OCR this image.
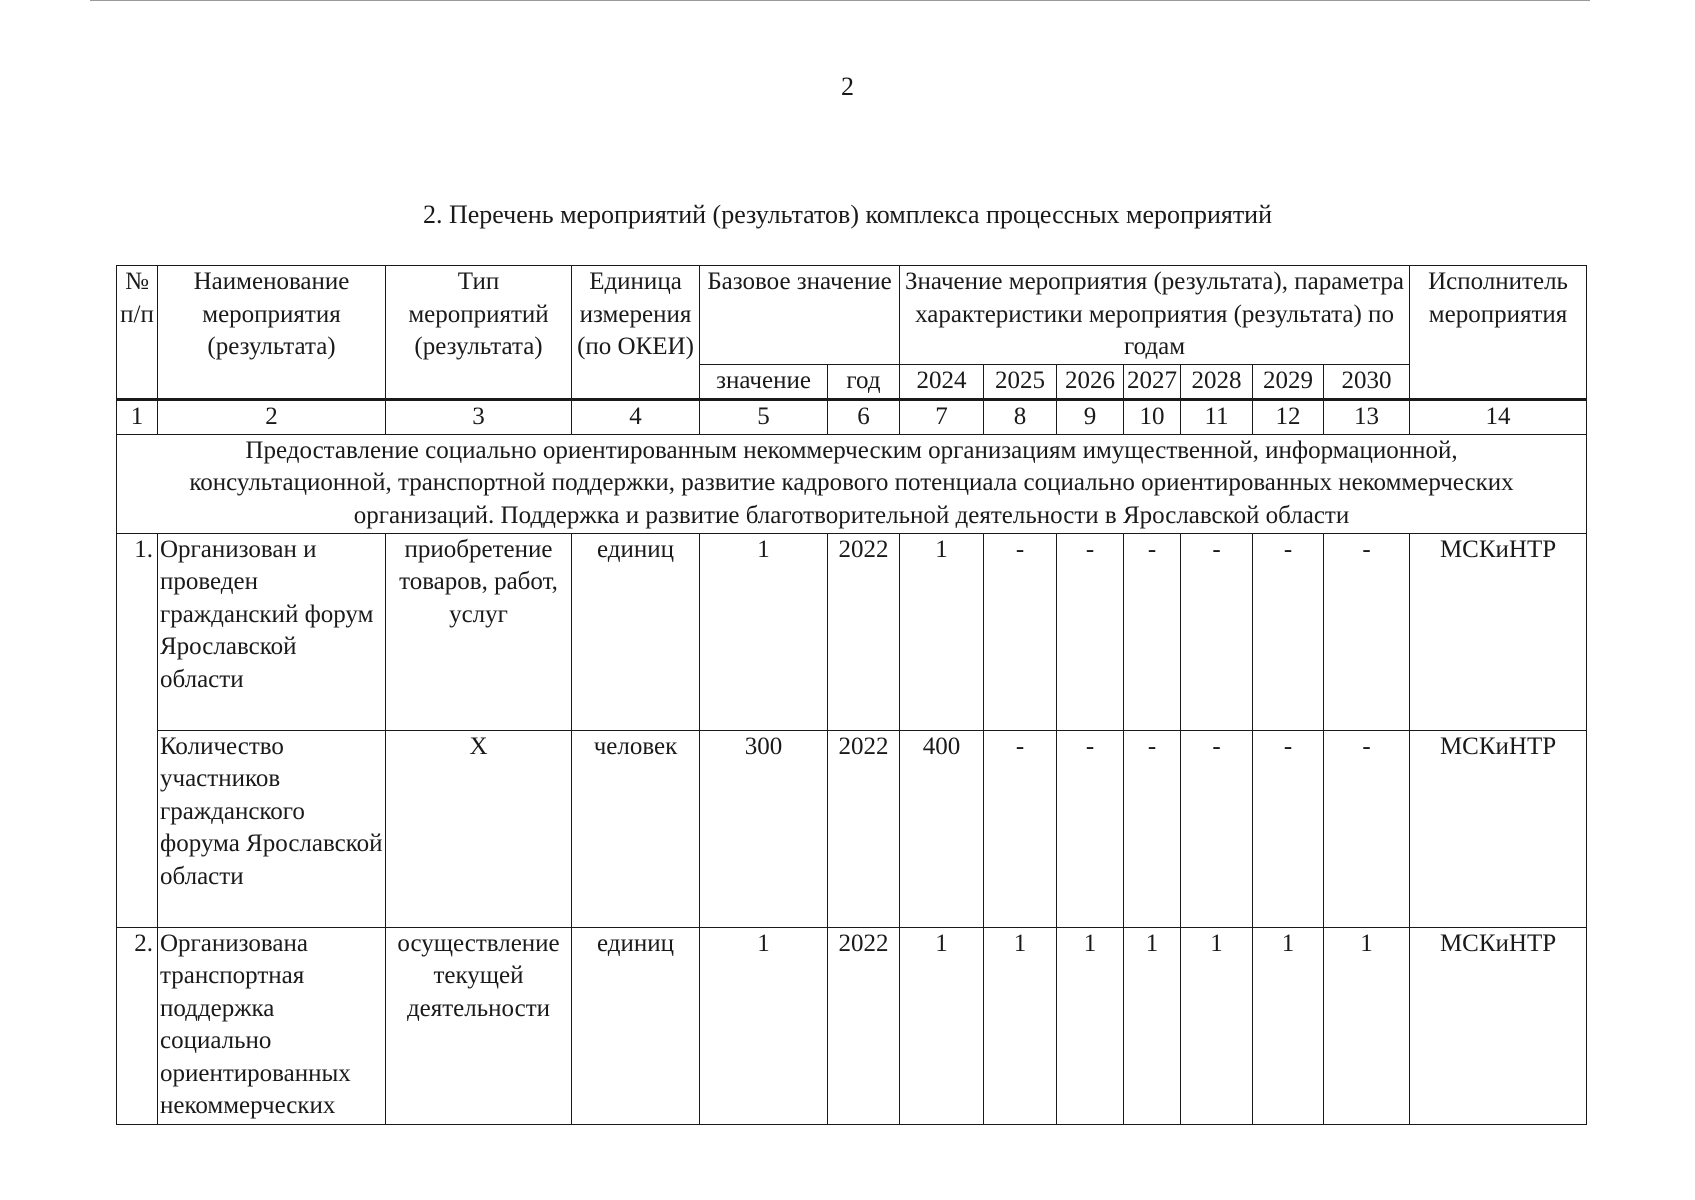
2
2. Перечень мероприятий (результатов) комплекса процессных мероприятий
№ п/п	Наименование мероприятия (результата)	Тип мероприятий (результата)	Единица измерения (по ОКЕИ)	Базовое значение		Значение мероприятия (результата), параметра характеристики мероприятия (результата) по годам							Исполнитель мероприятия
				значение	год	2024	2025	2026	2027	2028	2029	2030	
1	2	3	4	5	6	7	8	9	10	11	12	13	14
Предоставление социально ориентированным некоммерческим организациям имущественной, информационной, консультационной, транспортной поддержки, развитие кадрового потенциала социально ориентированных некоммерческих организаций. Поддержка и развитие благотворительной деятельности в Ярославской области													
1.	Организован и проведен гражданский форум Ярославской области	приобретение товаров, работ, услуг	единиц	1	2022	1	-	-	-	-	-	-	МСКиНТР
	Количество участников гражданского форума Ярославской области	X	человек	300	2022	400	-	-	-	-	-	-	МСКиНТР
2.	Организована транспортная поддержка социально ориентированных некоммерческих	осуществление текущей деятельности	единиц	1	2022	1	1	1	1	1	1	1	МСКиНТР
